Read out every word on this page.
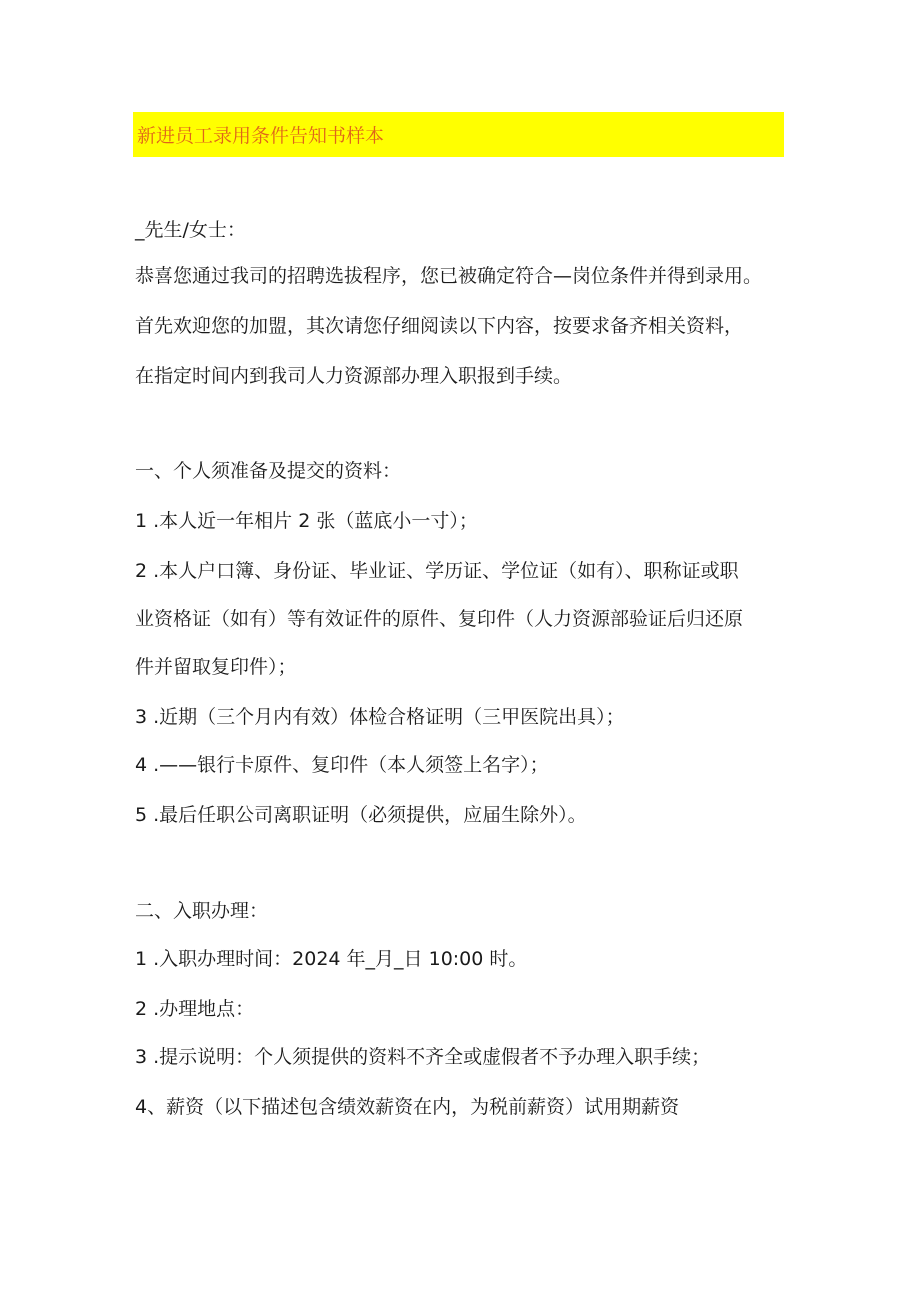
新进员工录用条件告知书样本
_先生/女士：
恭喜您通过我司的招聘选拔程序，您已被确定符合—岗位条件并得到录用。
首先欢迎您的加盟，其次请您仔细阅读以下内容，按要求备齐相关资料，
在指定时间内到我司人力资源部办理入职报到手续。
一、个人须准备及提交的资料：
1 .本人近一年相片 2 张（蓝底小一寸）；
2 .本人户口簿、身份证、毕业证、学历证、学位证（如有）、职称证或职
业资格证（如有）等有效证件的原件、复印件（人力资源部验证后归还原
件并留取复印件）；
3 .近期（三个月内有效）体检合格证明（三甲医院出具）；
4 .——银行卡原件、复印件（本人须签上名字）；
5 .最后任职公司离职证明（必须提供，应届生除外）。
二、入职办理：
1 .入职办理时间：2024 年_月_日 10:00 时。
2 .办理地点：
3 .提示说明：个人须提供的资料不齐全或虚假者不予办理入职手续；
4、薪资（以下描述包含绩效薪资在内，为税前薪资）试用期薪资
